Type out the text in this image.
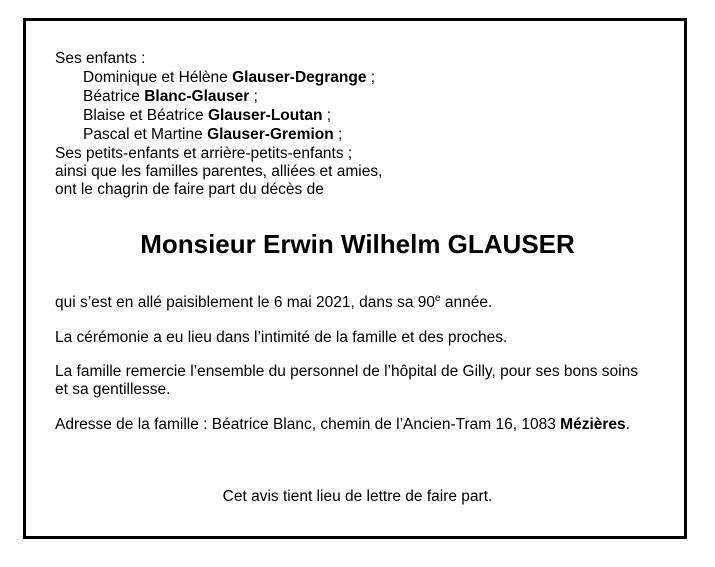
Ses enfants :
Dominique et Hélène Glauser-Degrange ;
Béatrice Blanc-Glauser ;
Blaise et Béatrice Glauser-Loutan ;
Pascal et Martine Glauser-Gremion ;
Ses petits-enfants et arrière-petits-enfants ;
ainsi que les familles parentes, alliées et amies,
ont le chagrin de faire part du décès de
Monsieur Erwin Wilhelm GLAUSER
qui s’est en allé paisiblement le 6 mai 2021, dans sa 90e année.
La cérémonie a eu lieu dans l’intimité de la famille et des proches.
La famille remercie l’ensemble du personnel de l’hôpital de Gilly, pour ses bons soins
et sa gentillesse.
Adresse de la famille : Béatrice Blanc, chemin de l’Ancien-Tram 16, 1083 Mézières.
Cet avis tient lieu de lettre de faire part.
